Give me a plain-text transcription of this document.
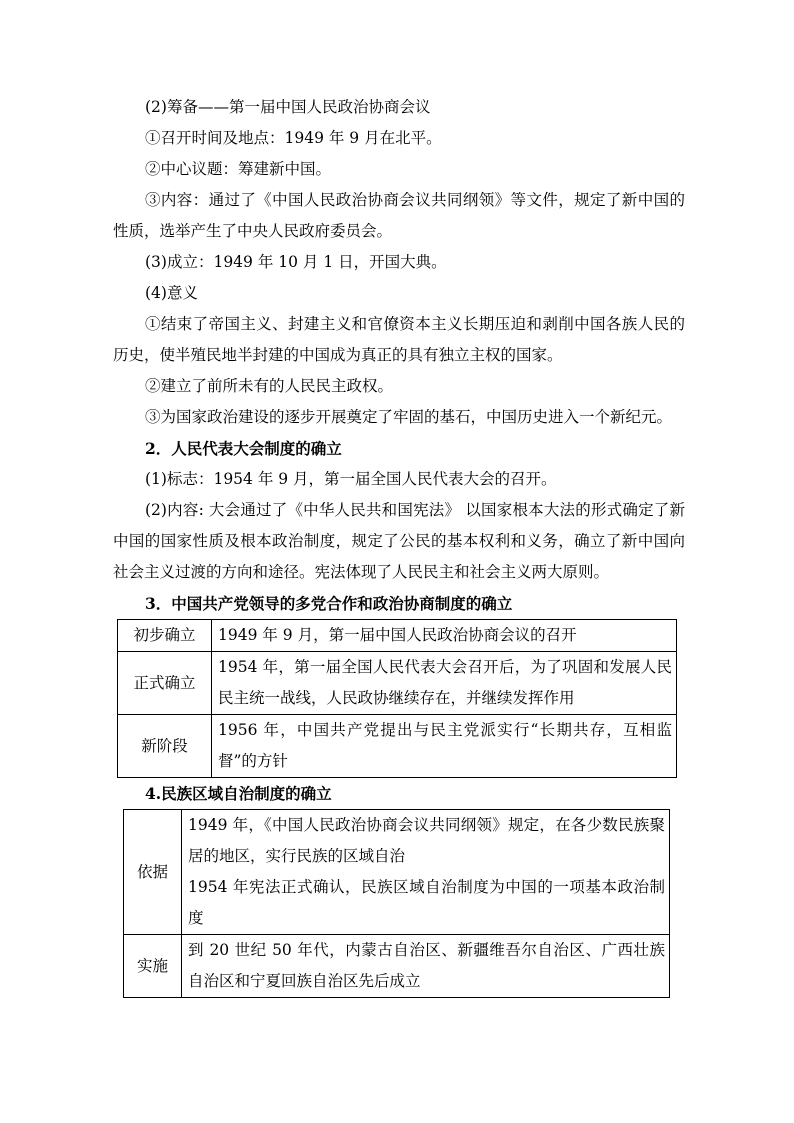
(2)筹备——第一届中国人民政治协商会议

①召开时间及地点：1949 年 9 月在北平。

②中心议题：筹建新中国。

③内容：通过了《中国人民政治协商会议共同纲领》等文件，规定了新中国的性质，选举产生了中央人民政府委员会。

(3)成立：1949 年 10 月 1 日，开国大典。

(4)意义

①结束了帝国主义、封建主义和官僚资本主义长期压迫和剥削中国各族人民的历史，使半殖民地半封建的中国成为真正的具有独立主权的国家。

②建立了前所未有的人民民主政权。

③为国家政治建设的逐步开展奠定了牢固的基石，中国历史进入一个新纪元。

2．人民代表大会制度的确立

(1)标志：1954 年 9 月，第一届全国人民代表大会的召开。

(2)内容: 大会通过了《中华人民共和国宪法》 以国家根本大法的形式确定了新中国的国家性质及根本政治制度，规定了公民的基本权利和义务，确立了新中国向社会主义过渡的方向和途径。宪法体现了人民民主和社会主义两大原则。

3．中国共产党领导的多党合作和政治协商制度的确立

初步确立	1949 年 9 月，第一届中国人民政治协商会议的召开
正式确立	1954 年，第一届全国人民代表大会召开后，为了巩固和发展人民民主统一战线，人民政协继续存在，并继续发挥作用
新阶段	1956 年，中国共产党提出与民主党派实行“长期共存，互相监督”的方针

4.民族区域自治制度的确立

依据	1949 年，《中国人民政治协商会议共同纲领》规定，在各少数民族聚居的地区，实行民族的区域自治
1954 年宪法正式确认，民族区域自治制度为中国的一项基本政治制度

实施	到 20 世纪 50 年代，内蒙古自治区、新疆维吾尔自治区、广西壮族自治区和宁夏回族自治区先后成立
